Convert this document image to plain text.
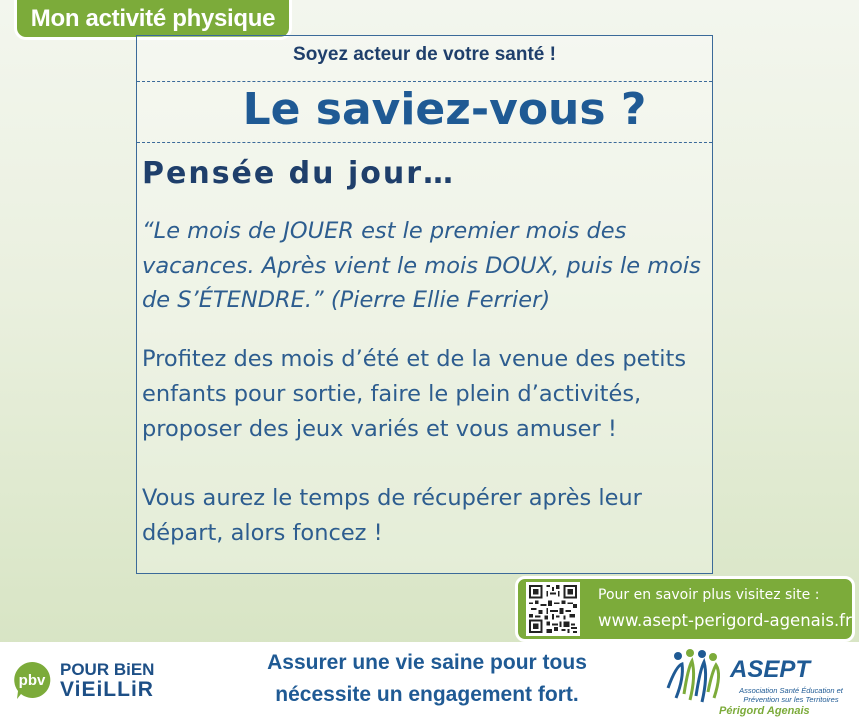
Mon activité physique
Soyez acteur de votre santé !
Le saviez-vous ?
Pensée du jour…
“Le mois de JOUER est le premier mois des vacances. Après vient le mois DOUX, puis le mois de S’ÉTENDRE.” (Pierre Ellie Ferrier)
Profitez des mois d’été et de la venue des petits enfants pour sortie, faire le plein d’activités, proposer des jeux variés et vous amuser !
Vous aurez le temps de récupérer après leur départ, alors foncez !
Pour en savoir plus visitez site :
www.asept-perigord-agenais.fr
pbv
POUR BiEN
ViEiLLiR
Assurer une vie saine pour tous
nécessite un engagement fort.
ASEPT
Association Santé Éducation et Prévention sur les Territoires
Périgord Agenais
